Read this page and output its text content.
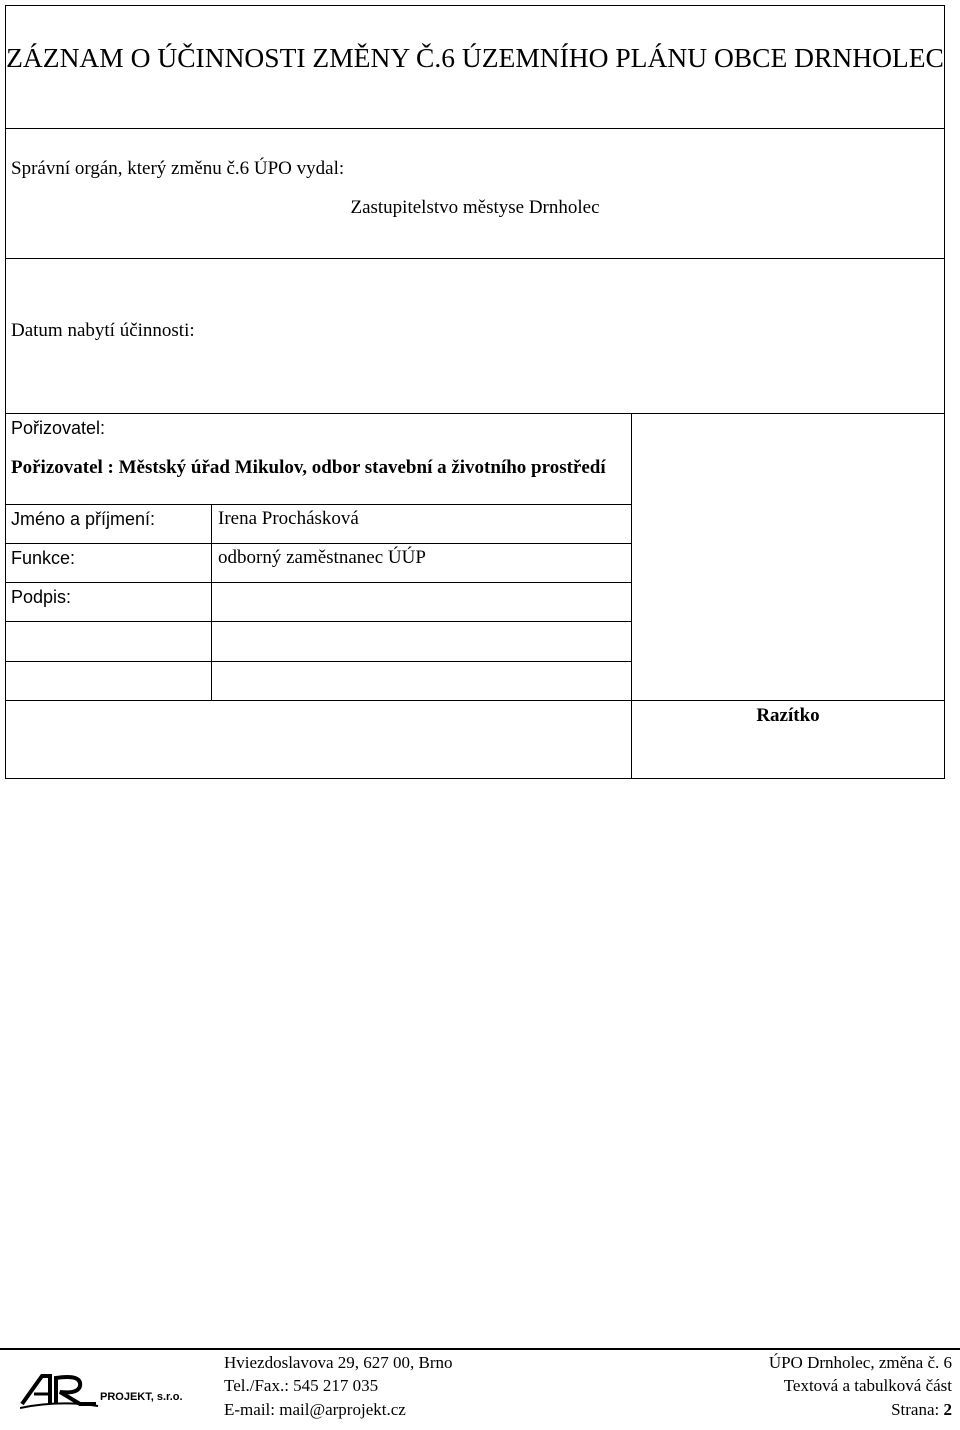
ZÁZNAM O ÚČINNOSTI ZMĚNY Č.6 ÚZEMNÍHO PLÁNU OBCE DRNHOLEC
Správní orgán, který změnu č.6 ÚPO vydal:
Zastupitelstvo městyse Drnholec
Datum nabytí účinnosti:
Pořizovatel:
Pořizovatel : Městský úřad Mikulov, odbor stavební a životního prostředí
Jméno a příjmení:	Irena Prochásková
Funkce:	odborný zaměstnanec ÚÚP
Podpis:
Razítko
PROJEKT, s.r.o.
Hviezdoslavova 29, 627 00, Brno
Tel./Fax.: 545 217 035
E-mail: mail@arprojekt.cz
ÚPO Drnholec, změna č. 6
Textová a tabulková část
Strana: 2
